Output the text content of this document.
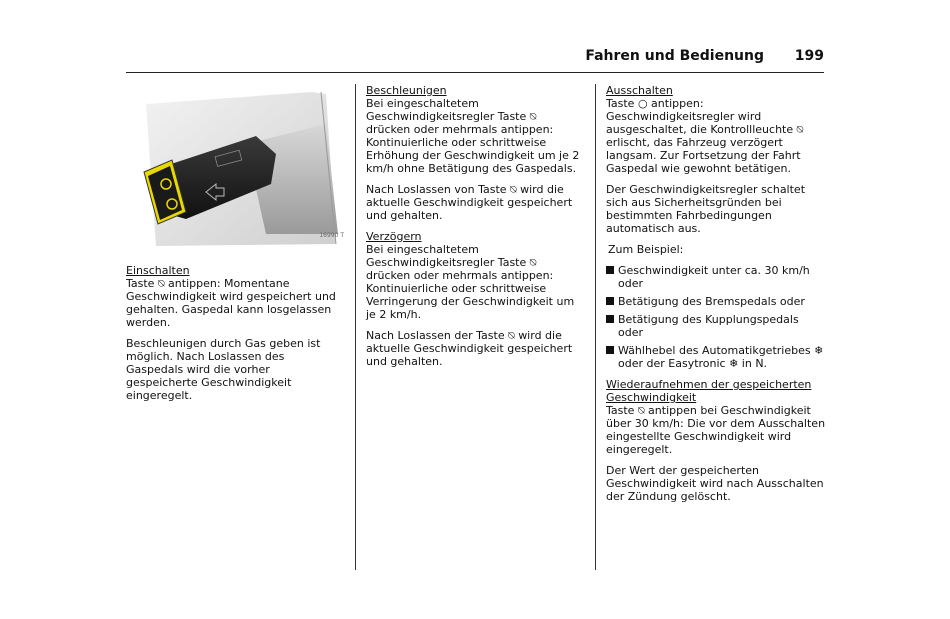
Fahren und Bedienung 199
16990 T
Einschalten

Taste ⍉ antippen: Momentane Geschwindigkeit wird gespeichert und gehalten. Gaspedal kann losgelassen werden.

Beschleunigen durch Gas geben ist möglich. Nach Loslassen des Gaspedals wird die vorher gespeicherte Geschwindigkeit eingeregelt.

Beschleunigen

Bei eingeschaltetem Geschwindigkeitsregler Taste ⍉ drücken oder mehrmals antippen: Kontinuierliche oder schrittweise Erhöhung der Geschwindigkeit um je 2 km/h ohne Betätigung des Gaspedals.

Nach Loslassen von Taste ⍉ wird die aktuelle Geschwindigkeit gespeichert und gehalten.

Verzögern

Bei eingeschaltetem Geschwindigkeitsregler Taste ⍉ drücken oder mehrmals antippen: Kontinuierliche oder schrittweise Verringerung der Geschwindigkeit um je 2 km/h.

Nach Loslassen der Taste ⍉ wird die aktuelle Geschwindigkeit gespeichert und gehalten.

Ausschalten

Taste ○ antippen: Geschwindigkeitsregler wird ausgeschaltet, die Kontrollleuchte ⍉ erlischt, das Fahrzeug verzögert langsam. Zur Fortsetzung der Fahrt Gaspedal wie gewohnt betätigen.

Der Geschwindigkeitsregler schaltet sich aus Sicherheitsgründen bei bestimmten Fahrbedingungen automatisch aus.

Zum Beispiel:

Geschwindigkeit unter ca. 30 km/h oder
Betätigung des Bremspedals oder
Betätigung des Kupplungspedals oder
Wählhebel des Automatikgetriebes ❄ oder der Easytronic ❄ in N.
Wiederaufnehmen der gespeicherten Geschwindigkeit

Taste ⍉ antippen bei Geschwindigkeit über 30 km/h: Die vor dem Ausschalten eingestellte Geschwindigkeit wird eingeregelt.

Der Wert der gespeicherten Geschwindigkeit wird nach Ausschalten der Zündung gelöscht.
